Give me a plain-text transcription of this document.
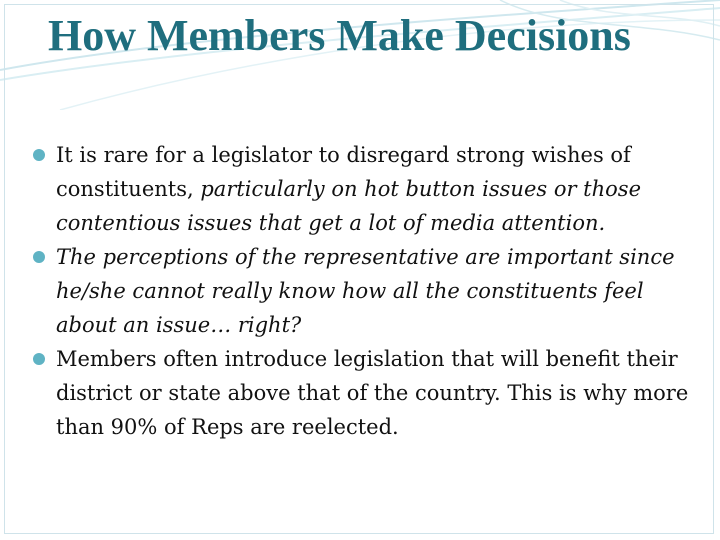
How Members Make Decisions
It is rare for a legislator to disregard strong wishes of constituents, particularly on hot button issues or those contentious issues that get a lot of media attention.
The perceptions of the representative are important since he/she cannot really know how all the constituents feel about an issue… right?
Members often introduce legislation that will benefit their district or state above that of the country. This is why more than 90% of Reps are reelected.
